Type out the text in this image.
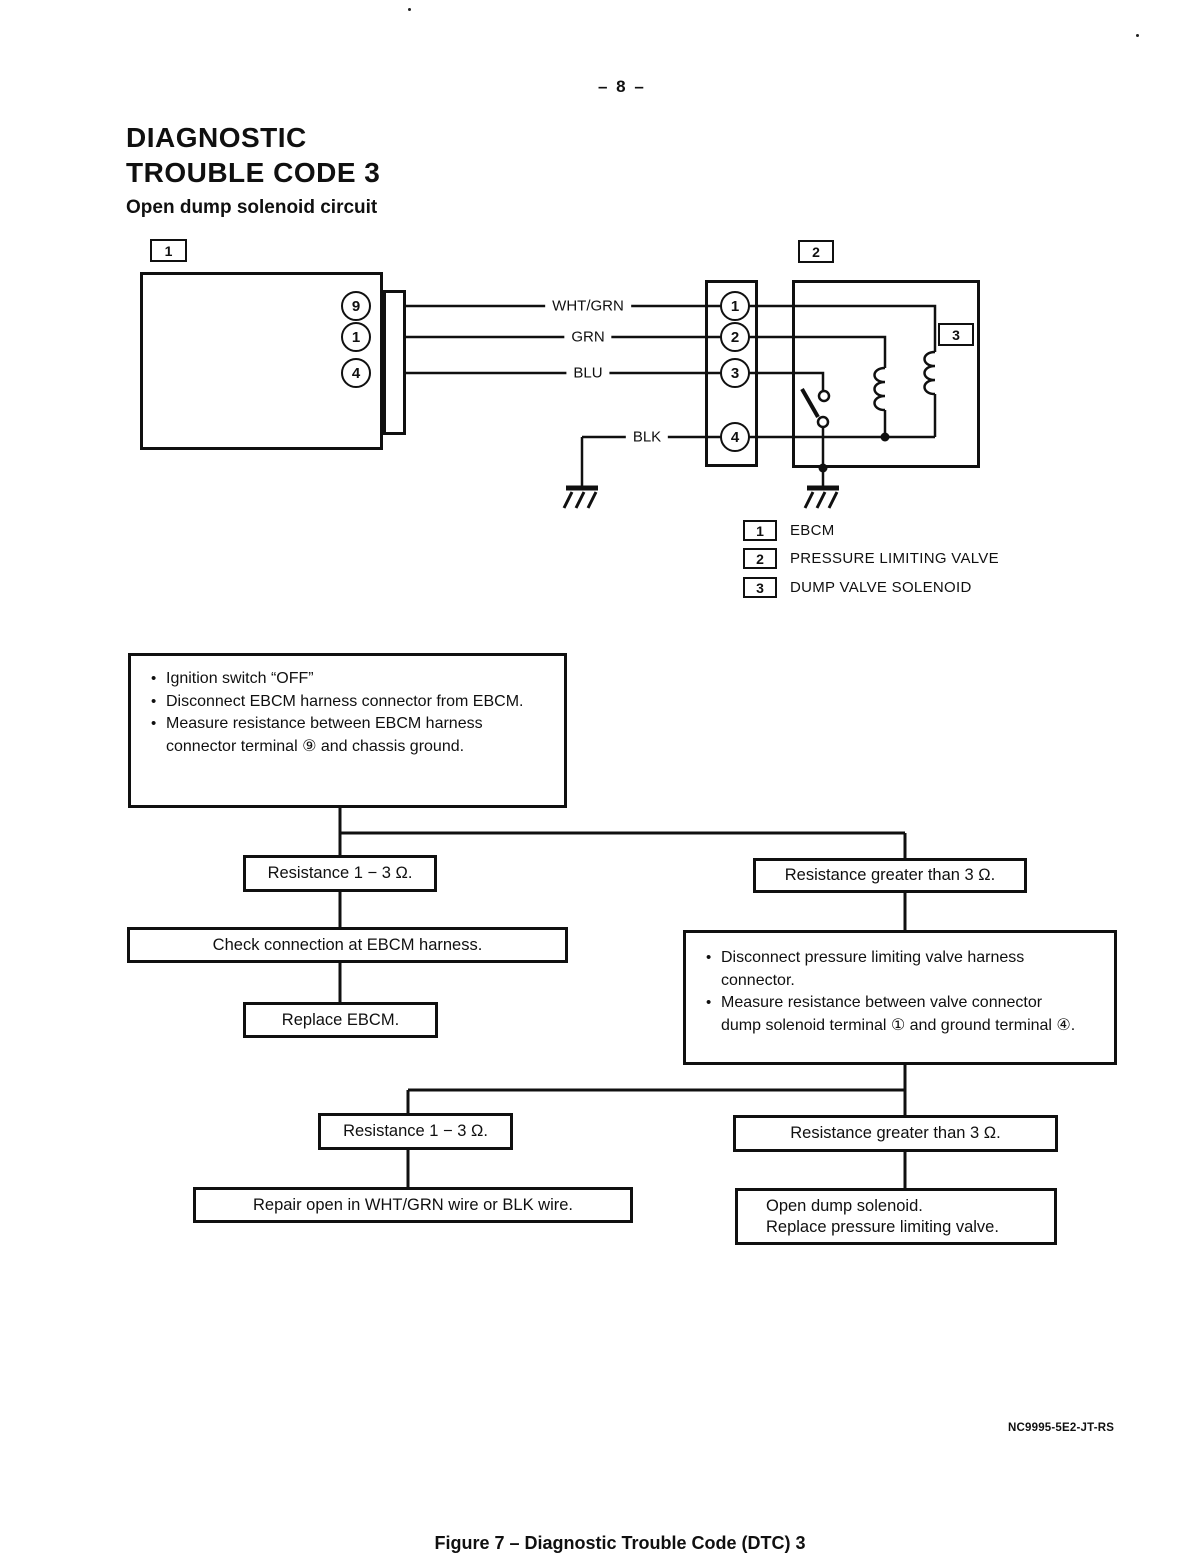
– 8 –
DIAGNOSTIC
TROUBLE CODE 3
Open dump solenoid circuit
1	2
3
9
1
4
WHT/GRN
GRN
BLU
BLK
1
2
3
4
1 EBCM
2 PRESSURE LIMITING VALVE
3 DUMP VALVE SOLENOID
• Ignition switch “OFF”
• Disconnect EBCM harness connector from EBCM.
• Measure resistance between EBCM harness connector terminal ⑨ and chassis ground.
Resistance 1 − 3 Ω.	Resistance greater than 3 Ω.
Check connection at EBCM harness.
Replace EBCM.
• Disconnect pressure limiting valve harness connector.
• Measure resistance between valve connector dump solenoid terminal ① and ground terminal ④.
Resistance 1 − 3 Ω.	Resistance greater than 3 Ω.
Repair open in WHT/GRN wire or BLK wire.	Open dump solenoid.
Replace pressure limiting valve.
NC9995-5E2-JT-RS
Figure 7 – Diagnostic Trouble Code (DTC) 3
